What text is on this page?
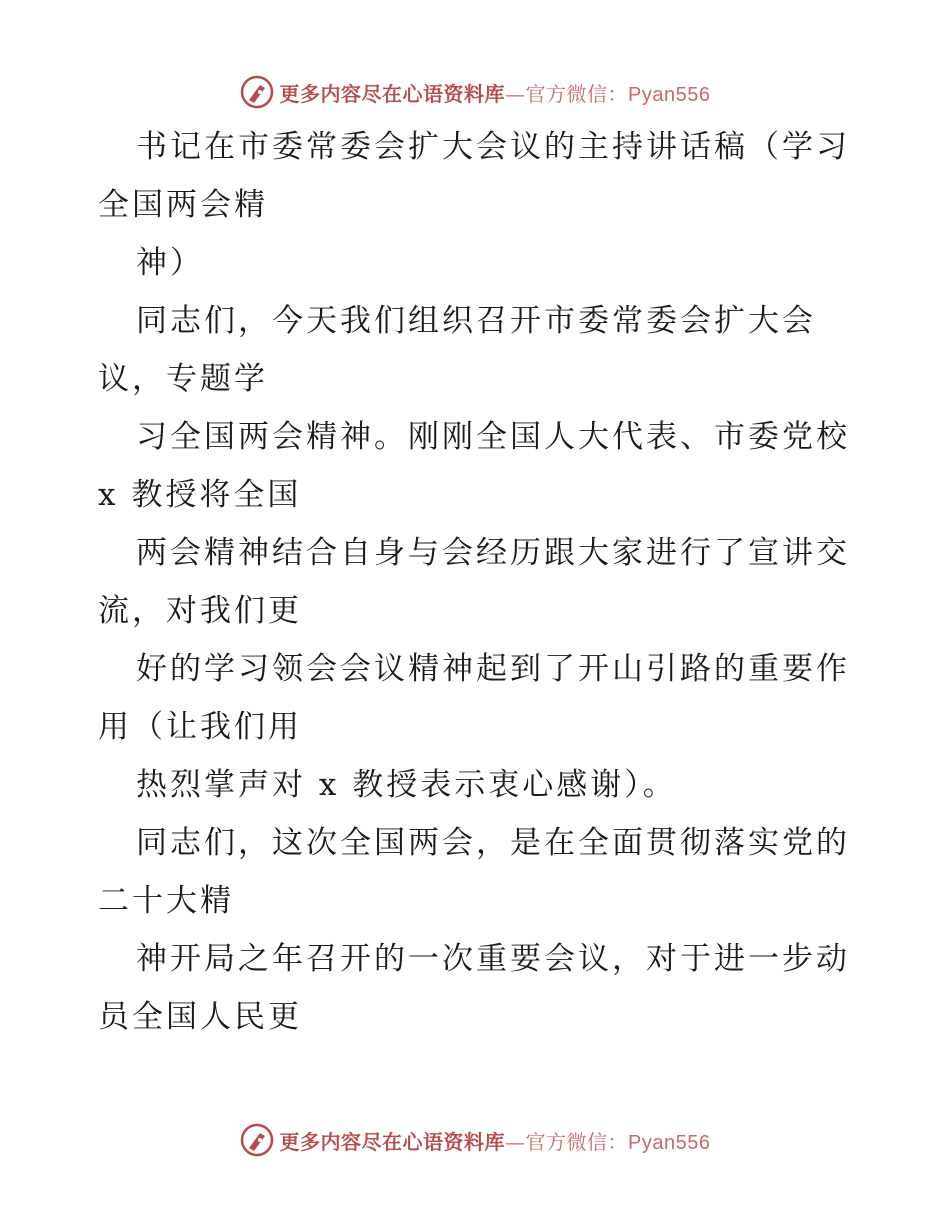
更多内容尽在心语资料库—官方微信：Pyan556
书记在市委常委会扩大会议的主持讲话稿（学习
全国两会精
神）
同志们，今天我们组织召开市委常委会扩大会
议，专题学
习全国两会精神。刚刚全国人大代表、市委党校
x 教授将全国
两会精神结合自身与会经历跟大家进行了宣讲交
流，对我们更
好的学习领会会议精神起到了开山引路的重要作
用（让我们用
热烈掌声对 x 教授表示衷心感谢）。
同志们，这次全国两会，是在全面贯彻落实党的
二十大精
神开局之年召开的一次重要会议，对于进一步动
员全国人民更
更多内容尽在心语资料库—官方微信：Pyan556
